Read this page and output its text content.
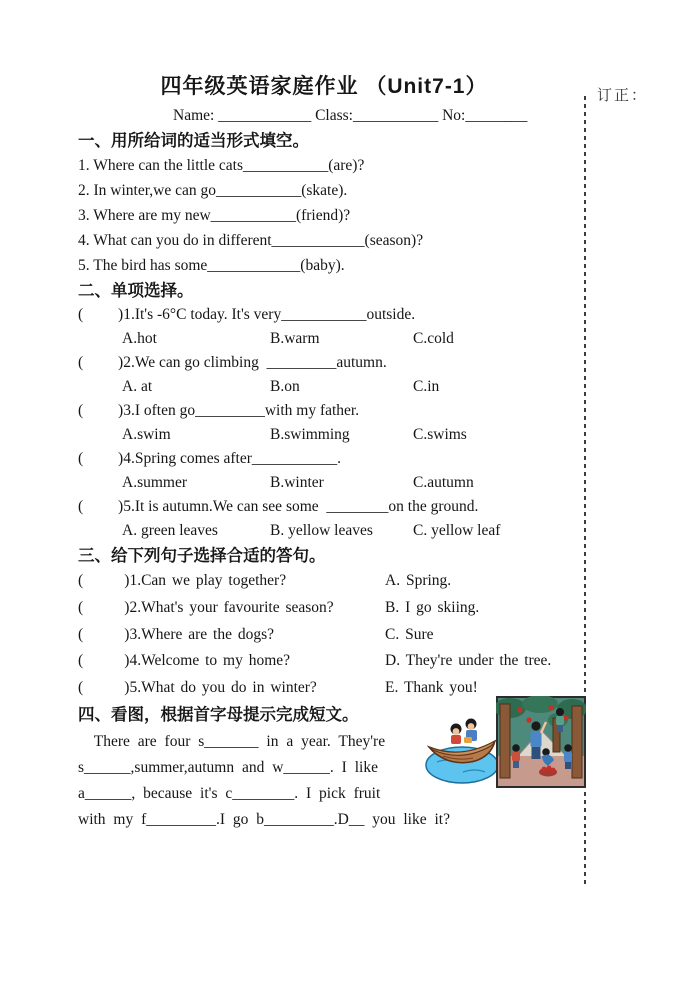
订正：
四年级英语家庭作业 （Unit7-1）
Name: ____________ Class:___________ No:________
一、用所给词的适当形式填空。
1. Where can the little cats___________(are)?
2. In winter,we can go___________(skate).
3. Where are my new___________(friend)?
4. What can you do in different____________(season)?
5. The bird has some____________(baby).
二、单项选择。
(         )1.It's -6°C today. It's very___________outside.
A.hot	B.warm	C.cold
(         )2.We can go climbing  _________autumn.
A. at	B.on	C.in
(         )3.I often go_________with my father.
A.swim	B.swimming	C.swims
(         )4.Spring comes after___________.
A.summer	B.winter	C.autumn
(         )5.It is autumn.We can see some  ________on the ground.
A. green leaves	B. yellow leaves	C. yellow leaf
三、给下列句子选择合适的答句。
(       )1.Can we play together?	A. Spring.
(       )2.What's your favourite season?	B. I go skiing.
(       )3.Where are the dogs?	C. Sure
(       )4.Welcome to my home?	D. They're under the tree.
(       )5.What do you do in winter?	E. Thank you!
四、看图，根据首字母提示完成短文。
There are four s_______ in a year. They're
s______,summer,autumn and w______. I like
a______, because it's c________. I pick fruit
with my f_________.I go b_________.D__ you like it?
